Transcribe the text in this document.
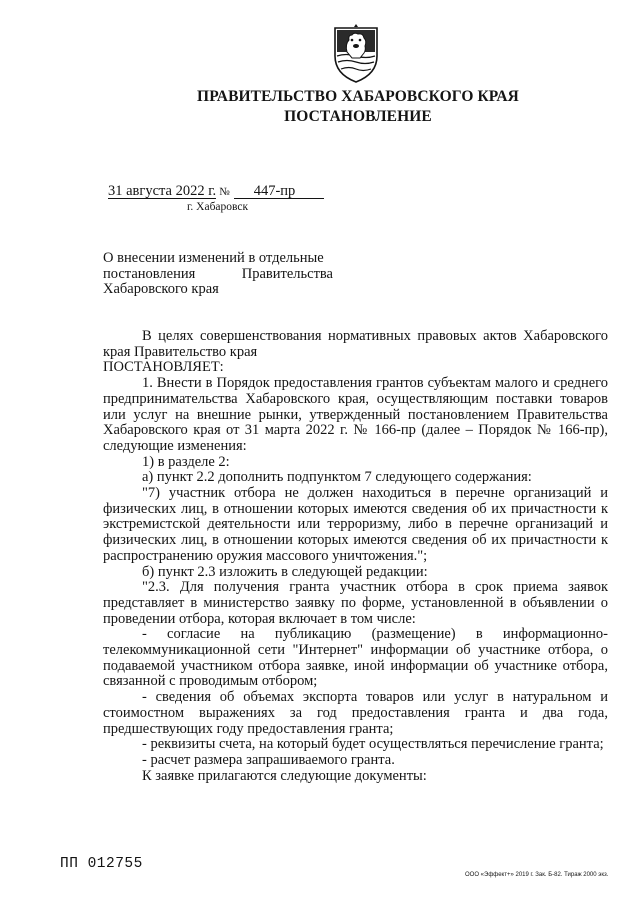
ПРАВИТЕЛЬСТВО ХАБАРОВСКОГО КРАЯ
ПОСТАНОВЛЕНИЕ
31 августа 2022 г. № 447-пр
г. Хабаровск
О внесении изменений в отдельные
постановления	Правительства
Хабаровского края

В целях совершенствования нормативных правовых актов Хабаровского края Правительство края

ПОСТАНОВЛЯЕТ:

1. Внести в Порядок предоставления грантов субъектам малого и среднего предпринимательства Хабаровского края, осуществляющим поставки товаров или услуг на внешние рынки, утвержденный постановлением Правительства Хабаровского края от 31 марта 2022 г. № 166-пр (далее – Порядок № 166-пр), следующие изменения:

1) в разделе 2:

а) пункт 2.2 дополнить подпунктом 7 следующего содержания:

"7) участник отбора не должен находиться в перечне организаций и физических лиц, в отношении которых имеются сведения об их причастности к экстремистской деятельности или терроризму, либо в перечне организаций и физических лиц, в отношении которых имеются сведения об их причастности к распространению оружия массового уничтожения.";

б) пункт 2.3 изложить в следующей редакции:

"2.3. Для получения гранта участник отбора в срок приема заявок представляет в министерство заявку по форме, установленной в объявлении о проведении отбора, которая включает в том числе:

- согласие на публикацию (размещение) в информационно-телекоммуникационной сети "Интернет" информации об участнике отбора, о подаваемой участником отбора заявке, иной информации об участнике отбора, связанной с проводимым отбором;

- сведения об объемах экспорта товаров или услуг в натуральном и стоимостном выражениях за год предоставления гранта и два года, предшествующих году предоставления гранта;

- реквизиты счета, на который будет осуществляться перечисление гранта;

- расчет размера запрашиваемого гранта.

К заявке прилагаются следующие документы:

ПП 012755
ООО «Эффект+» 2019 г. Зак. Б-82. Тираж 2000 экз.
